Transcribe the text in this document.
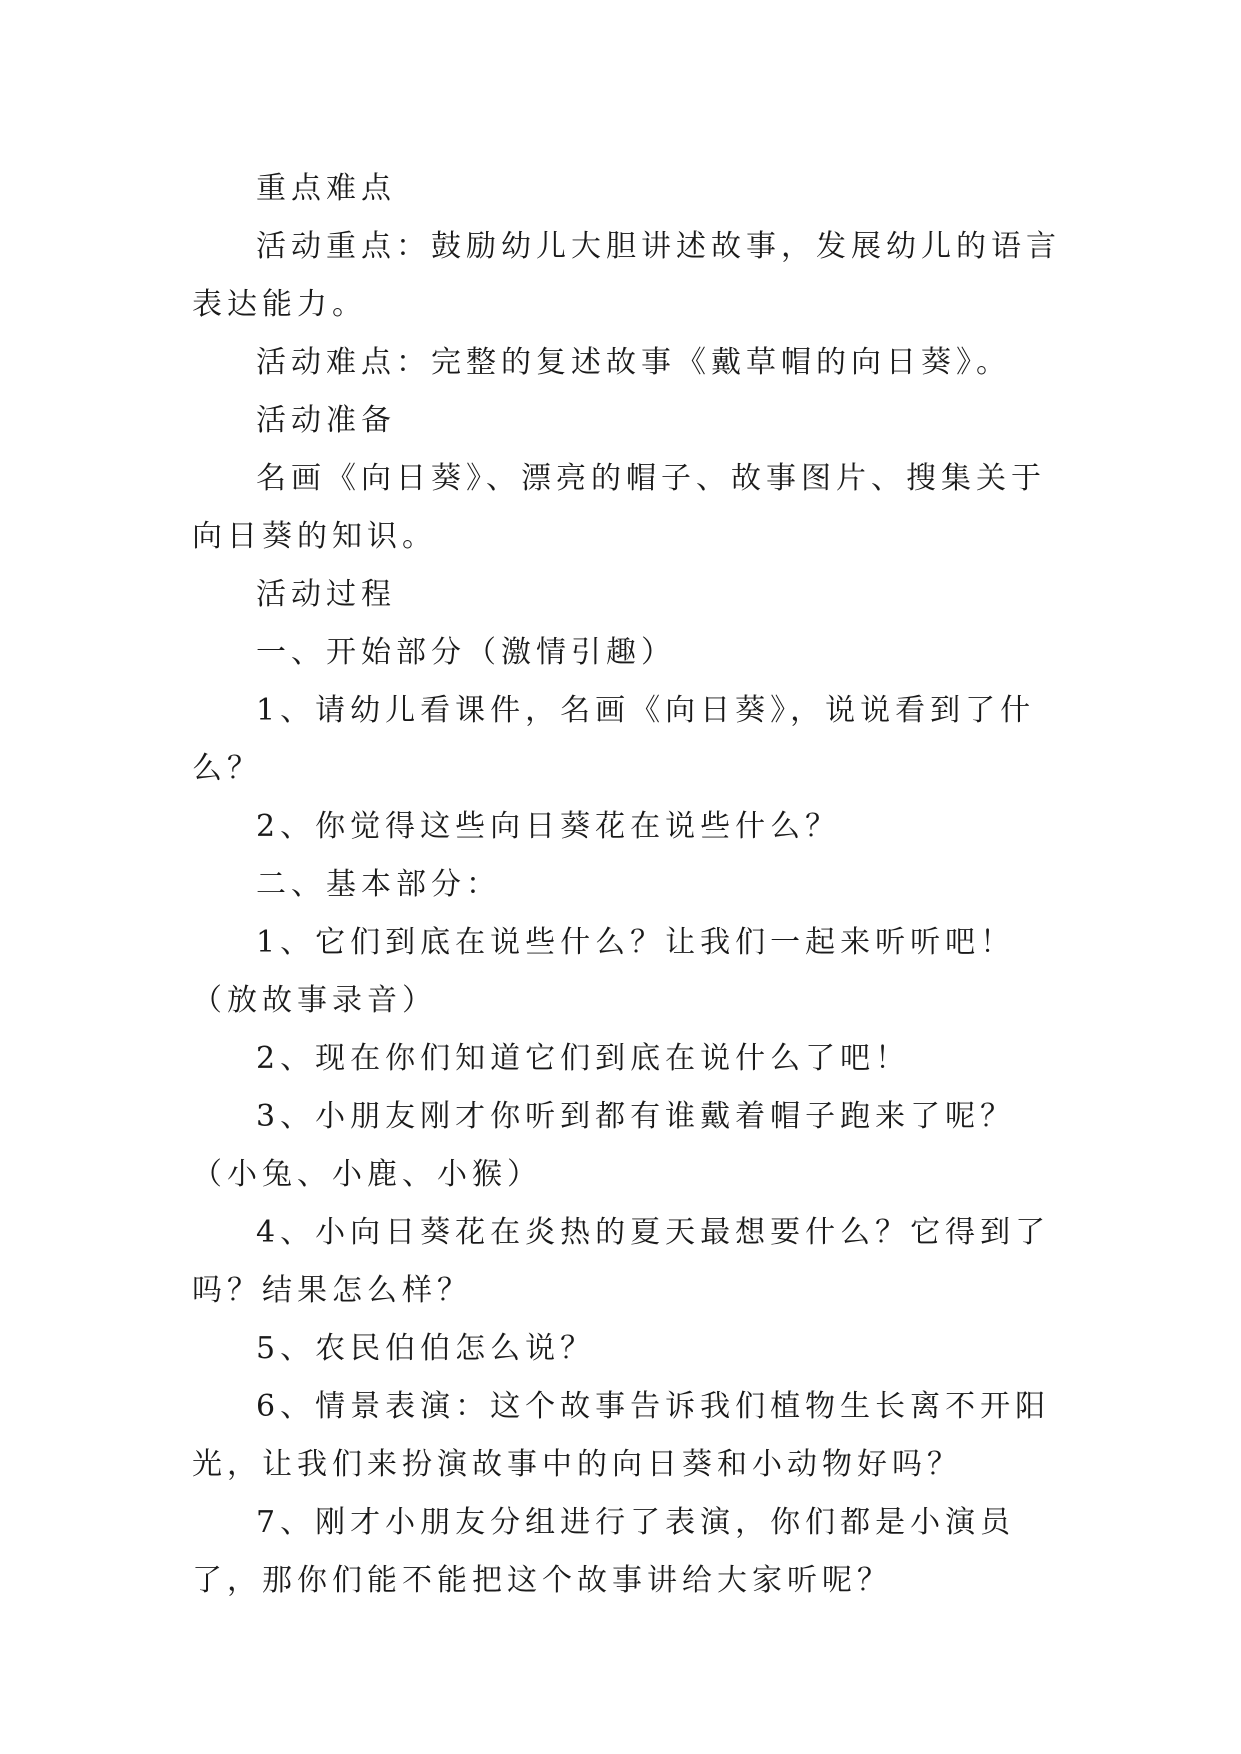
重点难点

活动重点：鼓励幼儿大胆讲述故事，发展幼儿的语言表达能力。

活动难点：完整的复述故事《戴草帽的向日葵》。

活动准备

名画《向日葵》、漂亮的帽子、故事图片、搜集关于向日葵的知识。

活动过程

一、开始部分（激情引趣）

1、请幼儿看课件，名画《向日葵》，说说看到了什么？

2、你觉得这些向日葵花在说些什么？

二、基本部分：

1、它们到底在说些什么？让我们一起来听听吧！（放故事录音）

2、现在你们知道它们到底在说什么了吧！

3、小朋友刚才你听到都有谁戴着帽子跑来了呢？（小兔、小鹿、小猴）

4、小向日葵花在炎热的夏天最想要什么？它得到了吗？结果怎么样？

5、农民伯伯怎么说？

6、情景表演：这个故事告诉我们植物生长离不开阳光，让我们来扮演故事中的向日葵和小动物好吗？

7、刚才小朋友分组进行了表演，你们都是小演员了，那你们能不能把这个故事讲给大家听呢？
